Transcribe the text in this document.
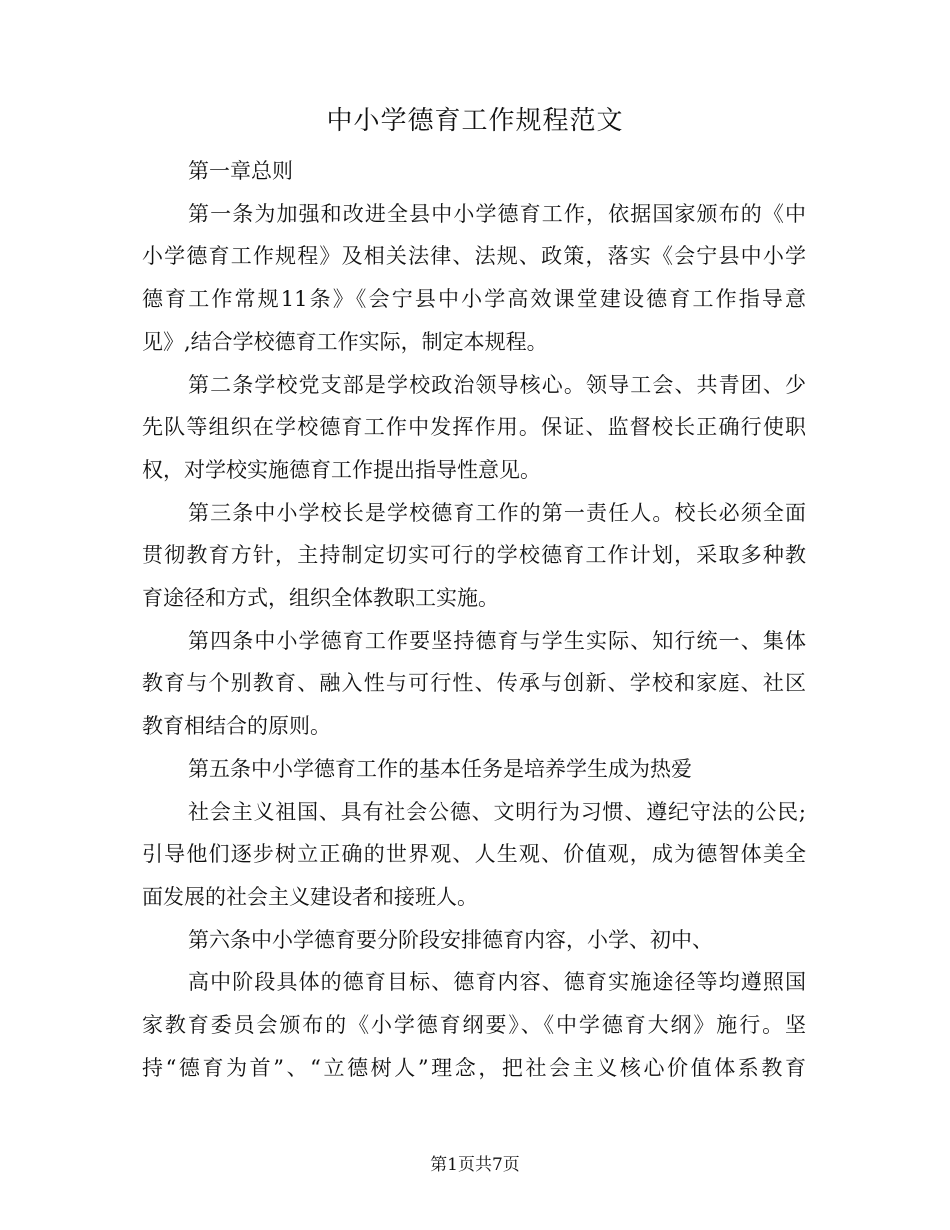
中小学德育工作规程范文
第一章总则
第一条为加强和改进全县中小学德育工作，依据国家颁布的《中
小学德育工作规程》及相关法律、法规、政策，落实《会宁县中小学
德育工作常规11条》《会宁县中小学高效课堂建设德育工作指导意
见》,结合学校德育工作实际，制定本规程。
第二条学校党支部是学校政治领导核心。领导工会、共青团、少
先队等组织在学校德育工作中发挥作用。保证、监督校长正确行使职
权，对学校实施德育工作提出指导性意见。
第三条中小学校长是学校德育工作的第一责任人。校长必须全面
贯彻教育方针，主持制定切实可行的学校德育工作计划，采取多种教
育途径和方式，组织全体教职工实施。
第四条中小学德育工作要坚持德育与学生实际、知行统一、集体
教育与个别教育、融入性与可行性、传承与创新、学校和家庭、社区
教育相结合的原则。
第五条中小学德育工作的基本任务是培养学生成为热爱
社会主义祖国、具有社会公德、文明行为习惯、遵纪守法的公民;
引导他们逐步树立正确的世界观、人生观、价值观，成为德智体美全
面发展的社会主义建设者和接班人。
第六条中小学德育要分阶段安排德育内容，小学、初中、
高中阶段具体的德育目标、德育内容、德育实施途径等均遵照国
家教育委员会颁布的《小学德育纲要》、《中学德育大纲》施行。坚
持“德育为首”、“立德树人”理念，把社会主义核心价值体系教育
第1页共7页
